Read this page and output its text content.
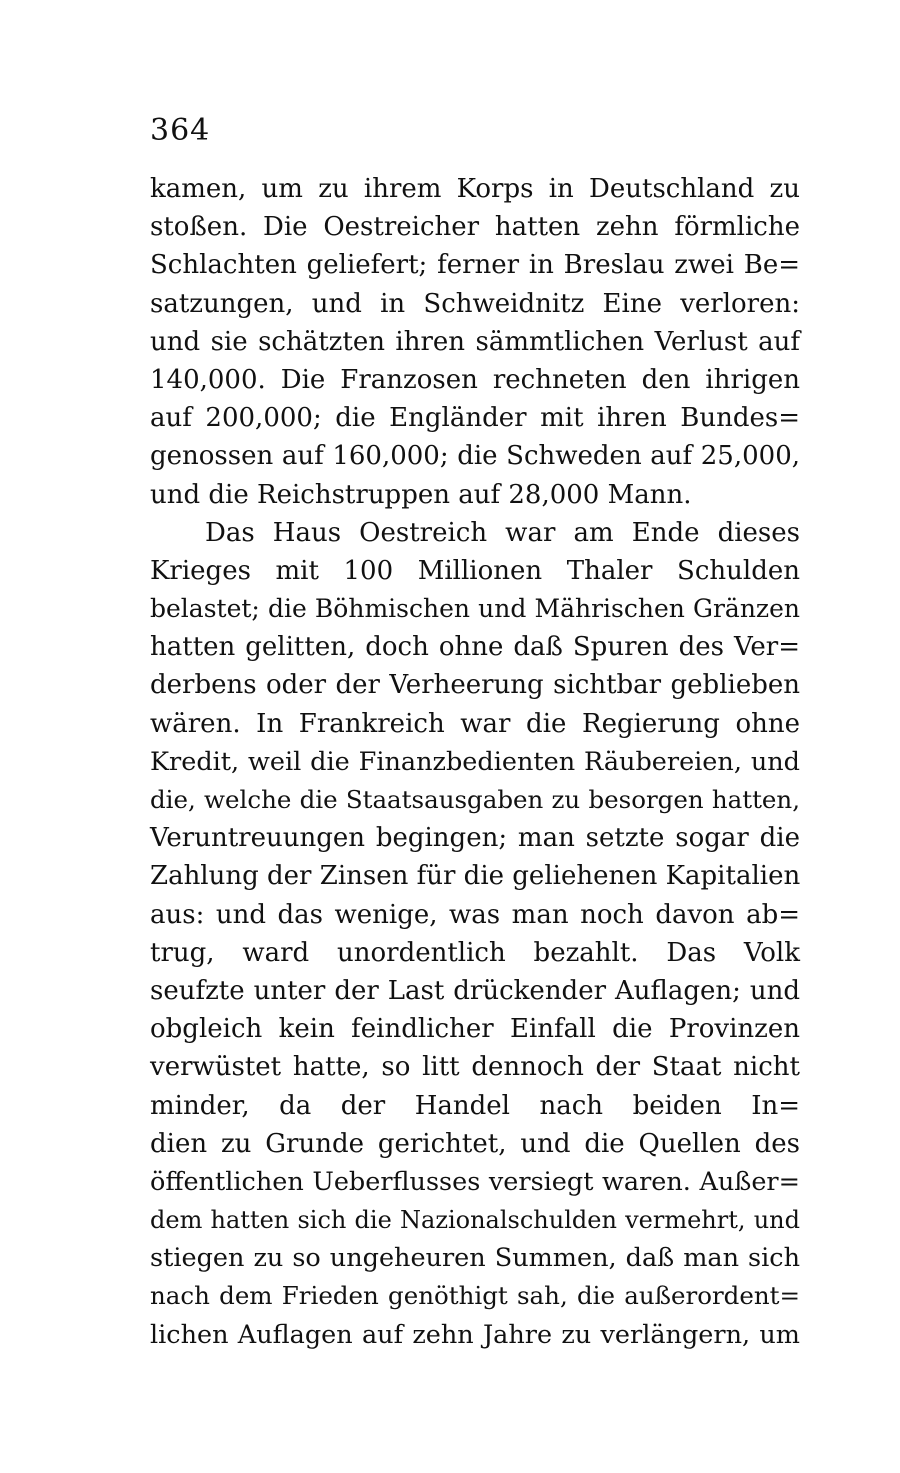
364
kamen, um zu ihrem Korps in Deutschland zu
stoßen. Die Oestreicher hatten zehn förmliche
Schlachten geliefert; ferner in Breslau zwei Be=
satzungen, und in Schweidnitz Eine verloren:
und sie schätzten ihren sämmtlichen Verlust auf
140,000. Die Franzosen rechneten den ihrigen
auf 200,000; die Engländer mit ihren Bundes=
genossen auf 160,000; die Schweden auf 25,000,
und die Reichstruppen auf 28,000 Mann.
Das Haus Oestreich war am Ende dieses
Krieges mit 100 Millionen Thaler Schulden
belastet; die Böhmischen und Mährischen Gränzen
hatten gelitten, doch ohne daß Spuren des Ver=
derbens oder der Verheerung sichtbar geblieben
wären. In Frankreich war die Regierung ohne
Kredit, weil die Finanzbedienten Räubereien, und
die, welche die Staatsausgaben zu besorgen hatten,
Veruntreuungen begingen; man setzte sogar die
Zahlung der Zinsen für die geliehenen Kapitalien
aus: und das wenige, was man noch davon ab=
trug, ward unordentlich bezahlt. Das Volk
seufzte unter der Last drückender Auflagen; und
obgleich kein feindlicher Einfall die Provinzen
verwüstet hatte, so litt dennoch der Staat nicht
minder, da der Handel nach beiden In=
dien zu Grunde gerichtet, und die Quellen des
öffentlichen Ueberflusses versiegt waren. Außer=
dem hatten sich die Nazionalschulden vermehrt, und
stiegen zu so ungeheuren Summen, daß man sich
nach dem Frieden genöthigt sah, die außerordent=
lichen Auflagen auf zehn Jahre zu verlängern, um
